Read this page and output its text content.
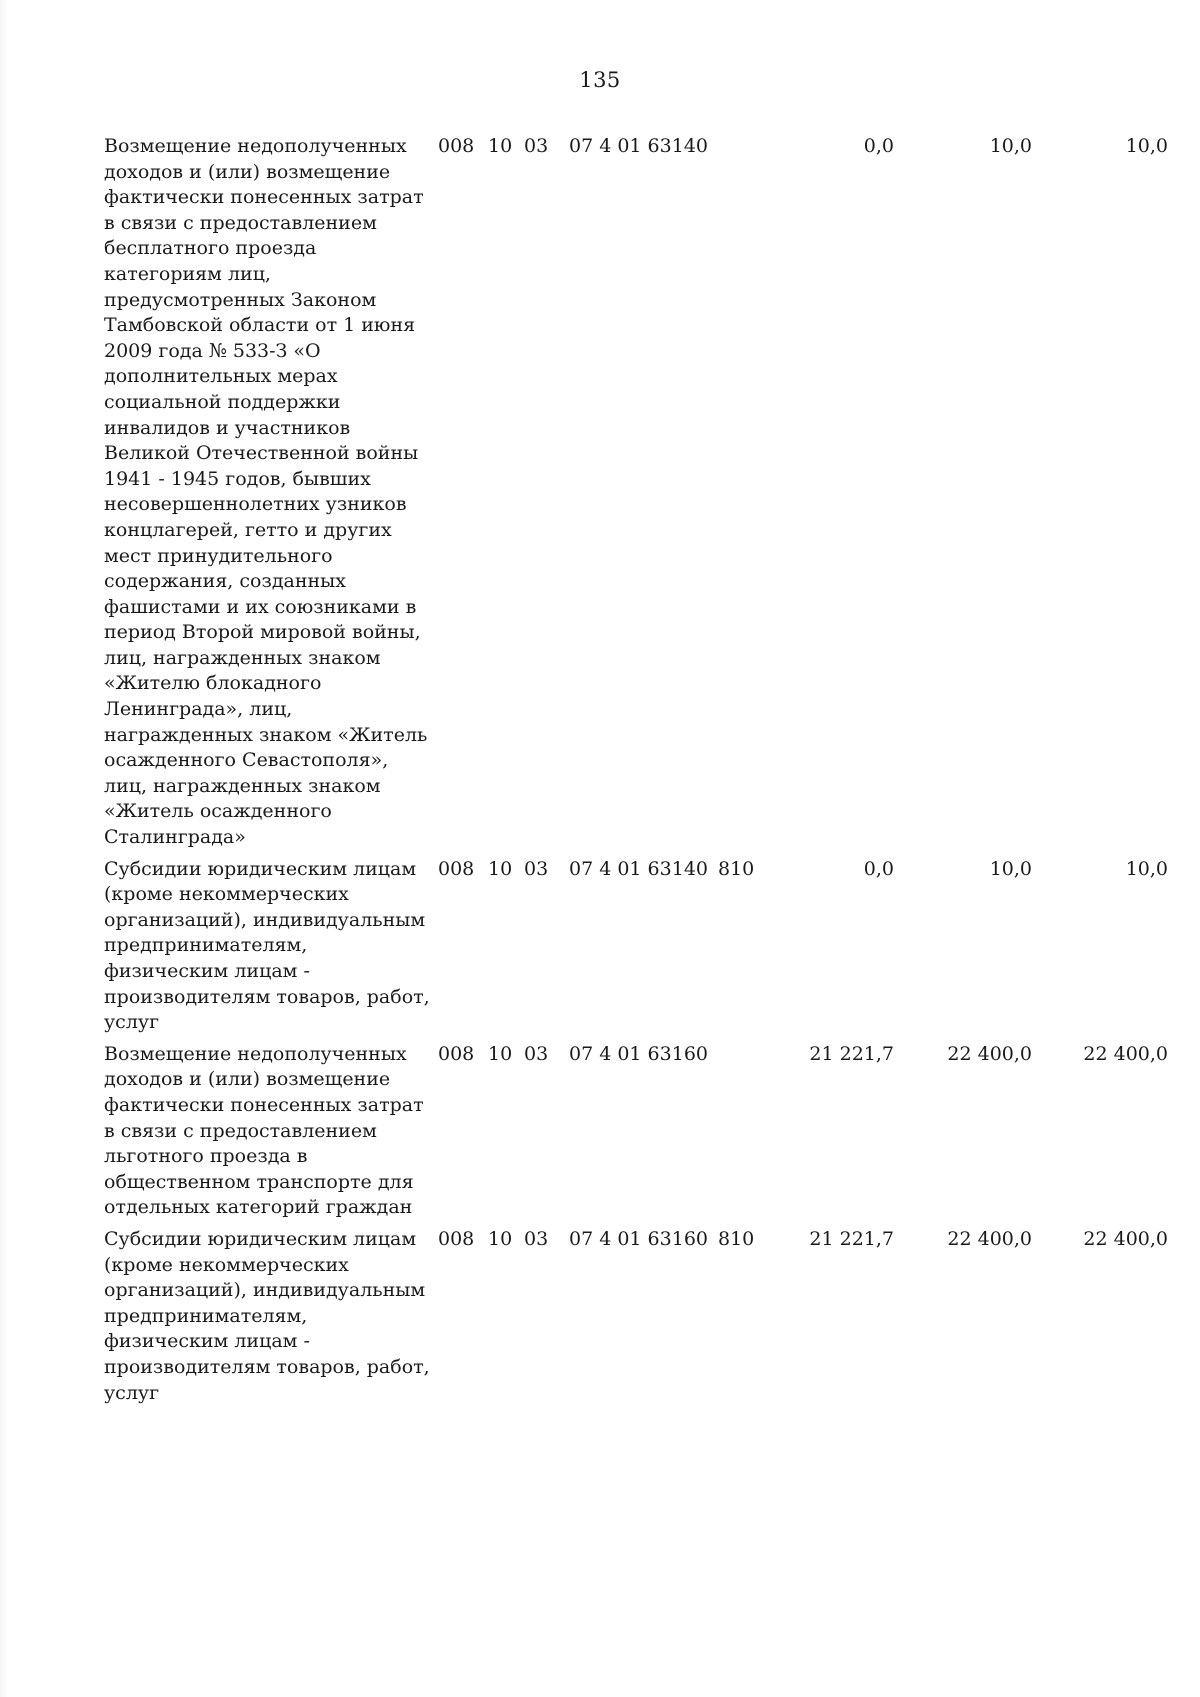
135
Возмещение недополученных доходов и (или) возмещение фактически понесенных затрат в связи с предоставлением бесплатного проезда категориям лиц, предусмотренных Законом Тамбовской области от 1 июня 2009 года № 533-З «О дополнительных мерах социальной поддержки инвалидов и участников Великой Отечественной войны 1941 - 1945 годов, бывших несовершеннолетних узников концлагерей, гетто и других мест принудительного содержания, созданных фашистами и их союзниками в период Второй мировой войны, лиц, награжденных знаком «Жителю блокадного Ленинграда», лиц, награжденных знаком «Житель осажденного Севастополя», лиц, награжденных знаком «Житель осажденного Сталинграда»
008 10 03 07 4 01 63140	0,0	10,0	10,0
Субсидии юридическим лицам (кроме некоммерческих организаций), индивидуальным предпринимателям, физическим лицам - производителям товаров, работ, услуг
008 10 03 07 4 01 63140 810	0,0	10,0	10,0
Возмещение недополученных доходов и (или) возмещение фактически понесенных затрат в связи с предоставлением льготного проезда в общественном транспорте для отдельных категорий граждан
008 10 03 07 4 01 63160	21 221,7	22 400,0	22 400,0
Субсидии юридическим лицам (кроме некоммерческих организаций), индивидуальным предпринимателям, физическим лицам - производителям товаров, работ, услуг
008 10 03 07 4 01 63160 810	21 221,7	22 400,0	22 400,0
